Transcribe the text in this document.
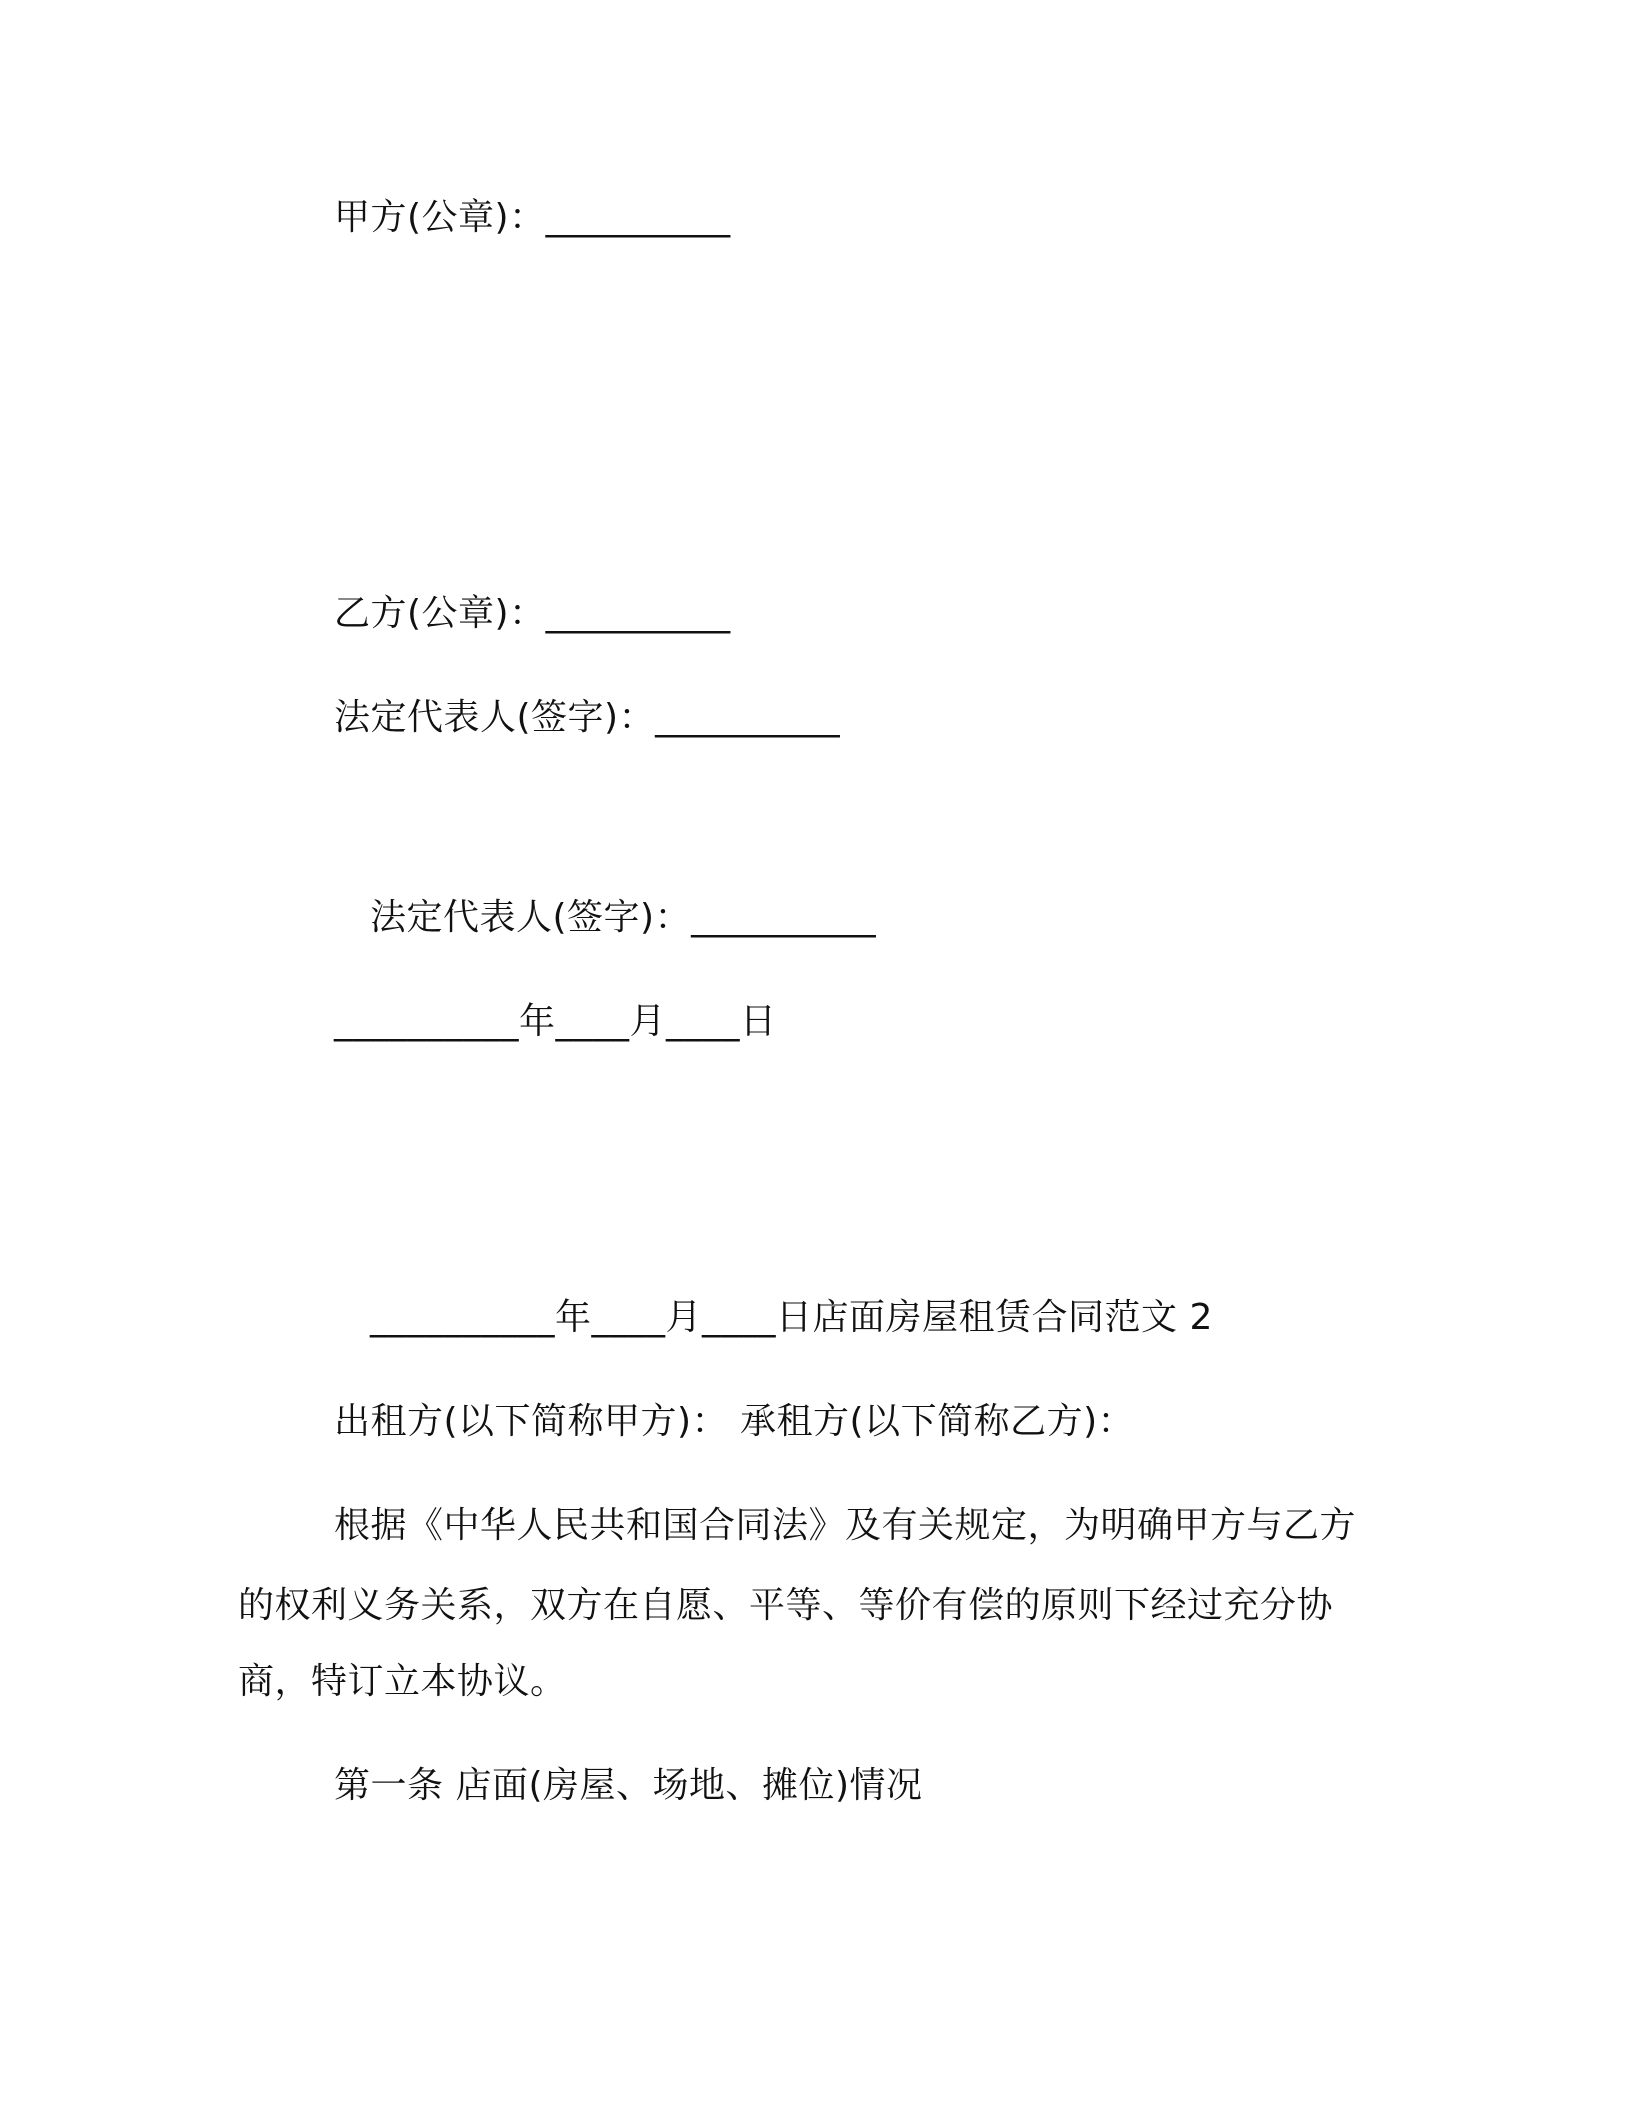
甲方(公章)：__________
乙方(公章)：__________
法定代表人(签字)：__________
法定代表人(签字)：__________
__________年____月____日
__________年____月____日店面房屋租赁合同范文 2
出租方(以下简称甲方)： 承租方(以下简称乙方)：
根据《中华人民共和国合同法》及有关规定，为明确甲方与乙方
的权利义务关系，双方在自愿、平等、等价有偿的原则下经过充分协
商，特订立本协议。
第一条 店面(房屋、场地、摊位)情况
